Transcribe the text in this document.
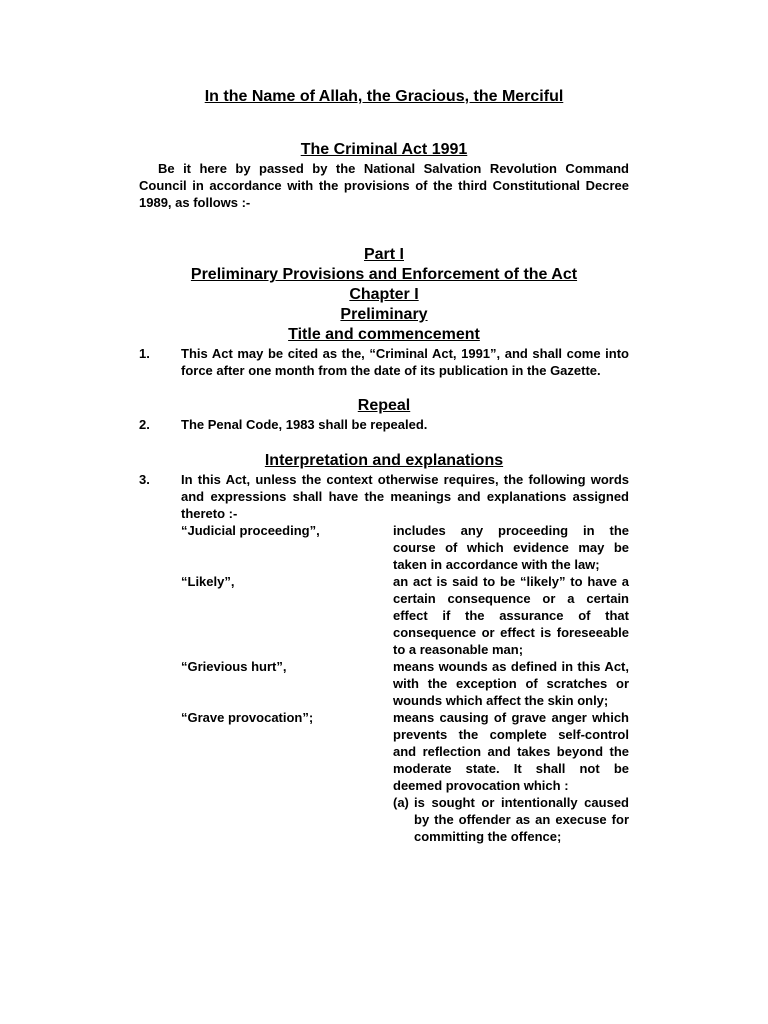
In the Name of Allah, the Gracious, the Merciful

The Criminal Act 1991

Be it here by passed by the National Salvation Revolution Command Council in accordance with the provisions of the third Constitutional Decree 1989, as follows :-

Part I

Preliminary Provisions and Enforcement of the Act

Chapter I

Preliminary

Title and commencement

1.	This Act may be cited as the, “Criminal Act, 1991”, and shall come into force after one month from the date of its publication in the Gazette.

Repeal

2.	The Penal Code, 1983 shall be repealed.

Interpretation and explanations

3.	In this Act, unless the context otherwise requires, the following words and expressions shall have the meanings and explanations assigned thereto :-
“Judicial proceeding”,	includes any proceeding in the course of which evidence may be taken in accordance with the law;
“Likely”,	an act is said to be “likely” to have a certain consequence or a certain effect if the assurance of that consequence or effect is foreseeable to a reasonable man;
“Grievious hurt”,	means wounds as defined in this Act, with the exception of scratches or wounds which affect the skin only;
“Grave provocation”;	means causing of grave anger which prevents the complete self-control and reflection and takes beyond the moderate state. It shall not be deemed provocation which :
(a) is sought or intentionally caused by the offender as an execuse for committing the offence;
